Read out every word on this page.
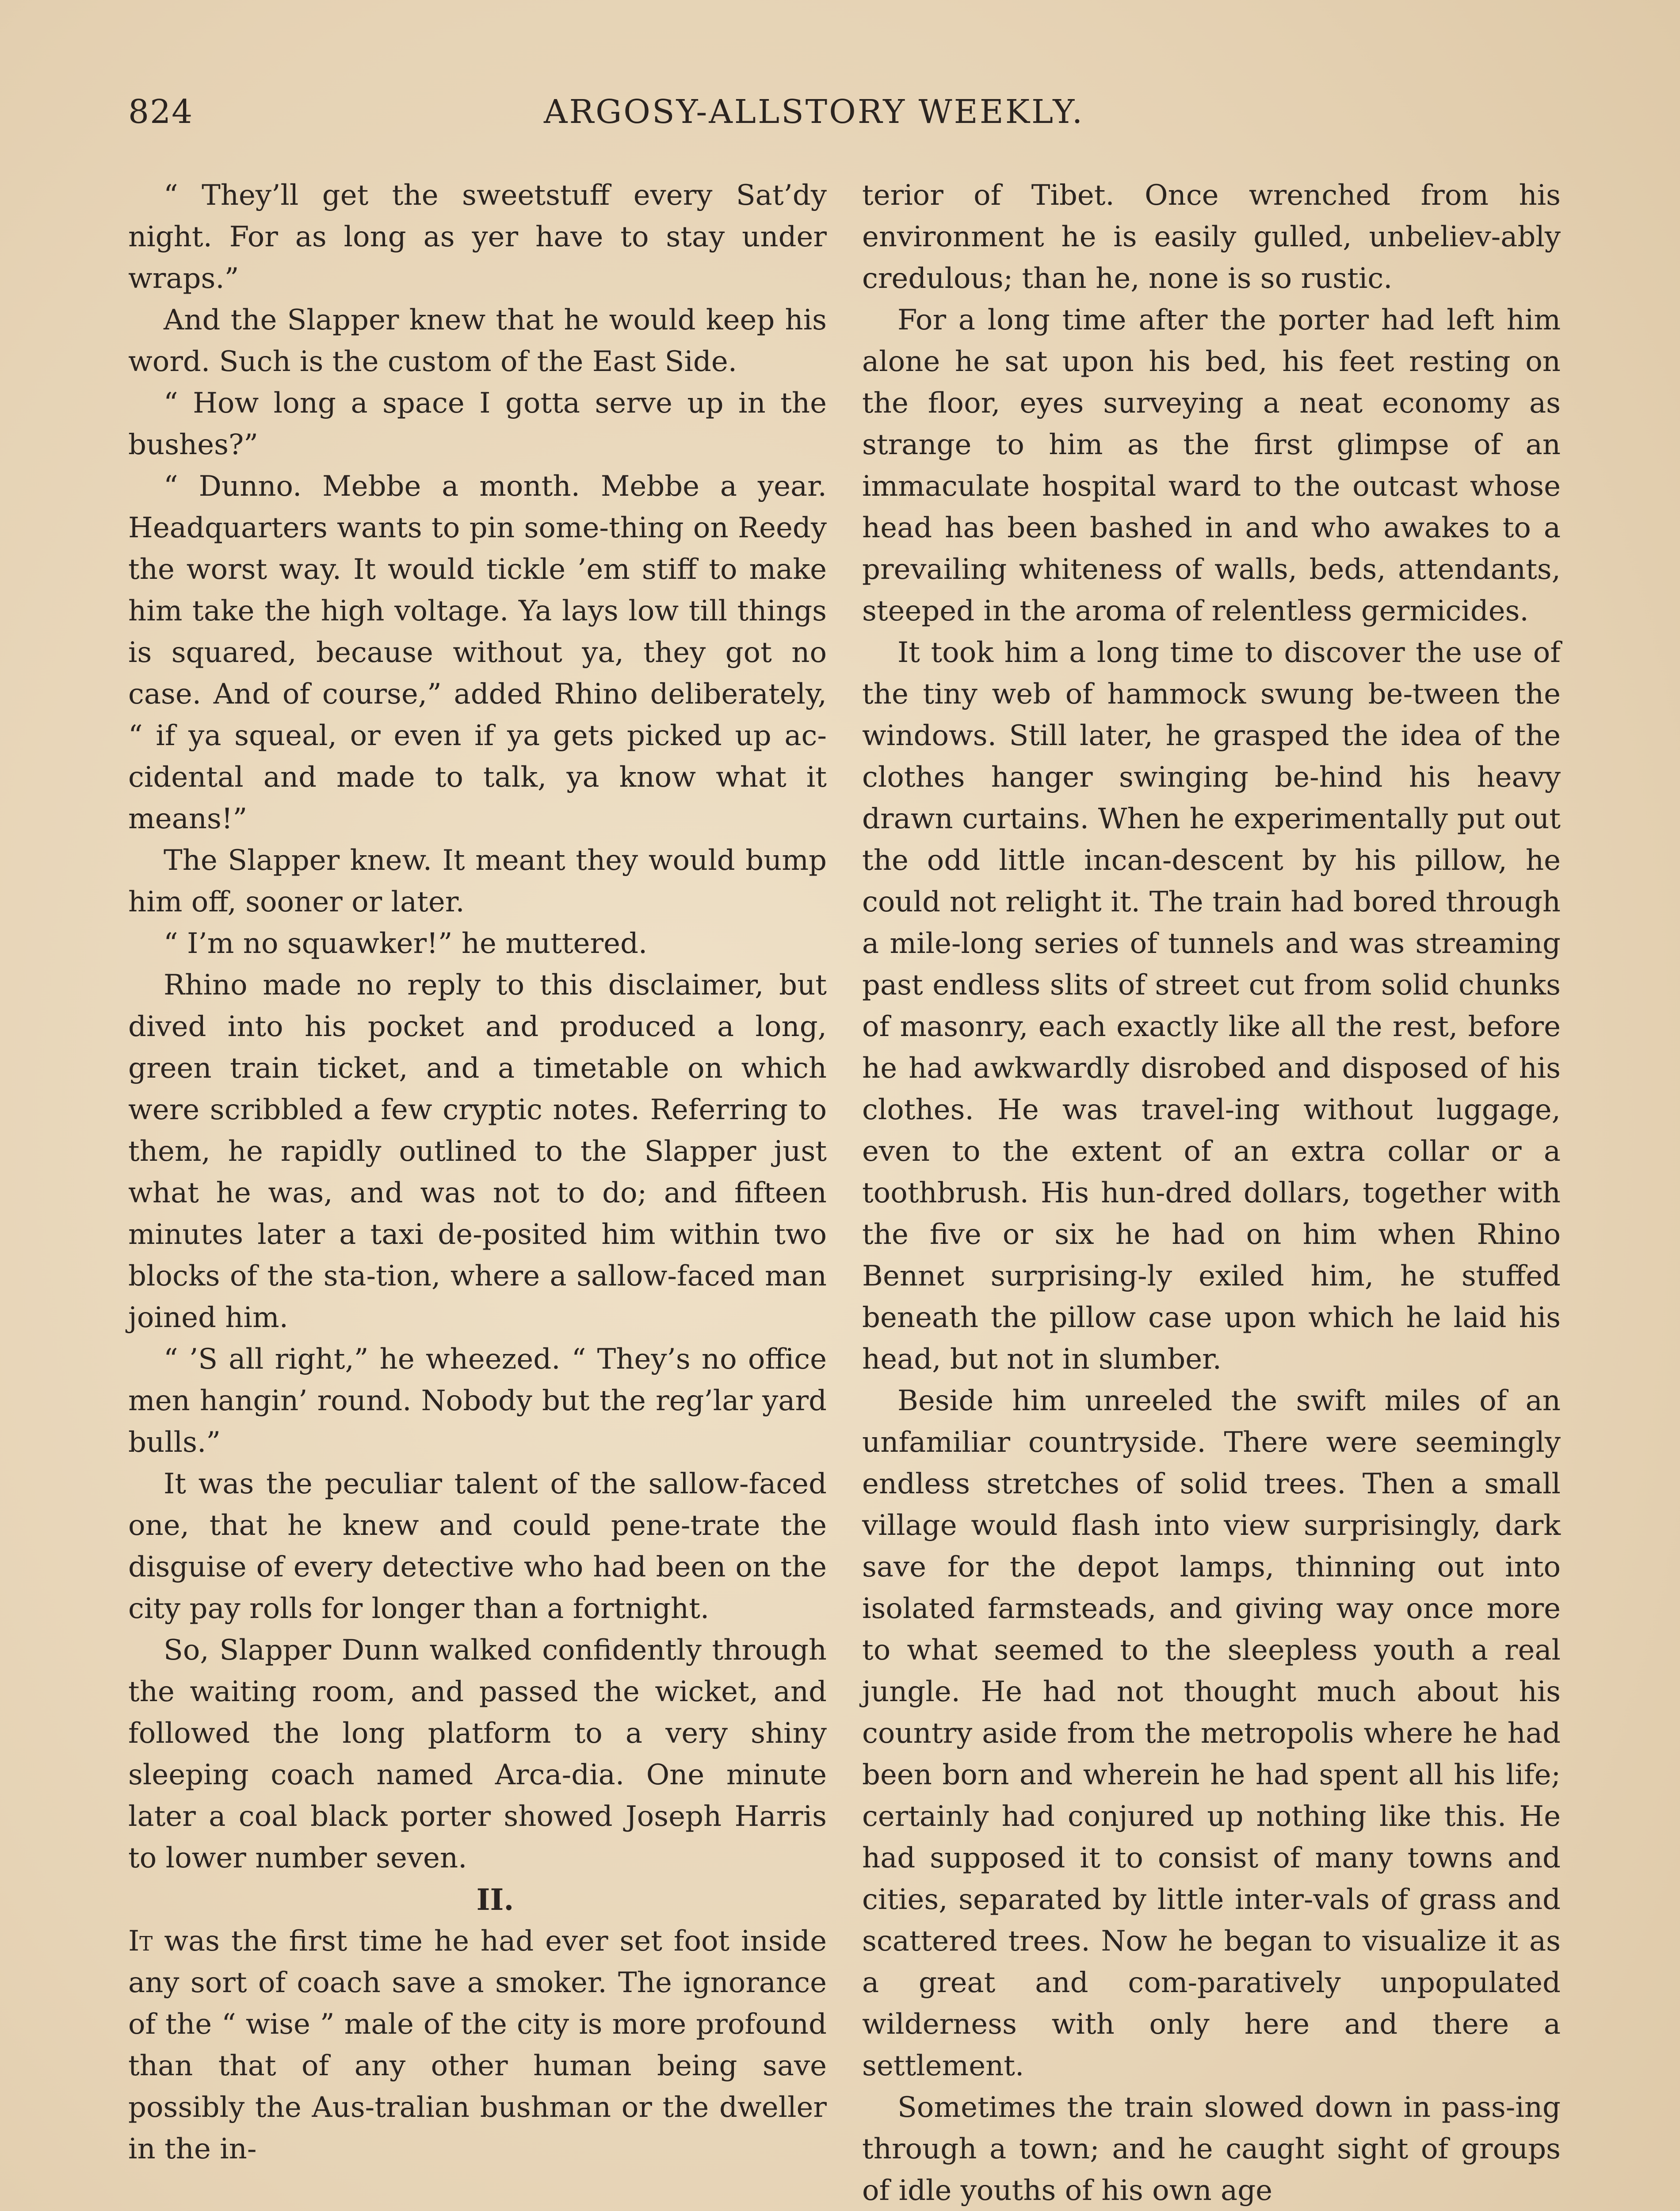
824	ARGOSY-ALLSTORY WEEKLY.

“ They’ll get the sweetstuff every Sat’dy night. For as long as yer have to stay under wraps.”

And the Slapper knew that he would keep his word. Such is the custom of the East Side.

“ How long a space I gotta serve up in the bushes?”

“ Dunno. Mebbe a month. Mebbe a year. Headquarters wants to pin some-thing on Reedy the worst way. It would tickle ’em stiff to make him take the high voltage. Ya lays low till things is squared, because without ya, they got no case. And of course,” added Rhino deliberately, “ if ya squeal, or even if ya gets picked up ac-cidental and made to talk, ya know what it means!”

The Slapper knew. It meant they would bump him off, sooner or later.

“ I’m no squawker!” he muttered.

Rhino made no reply to this disclaimer, but dived into his pocket and produced a long, green train ticket, and a timetable on which were scribbled a few cryptic notes. Referring to them, he rapidly outlined to the Slapper just what he was, and was not to do; and fifteen minutes later a taxi de-posited him within two blocks of the sta-tion, where a sallow-faced man joined him.

“ ’S all right,” he wheezed. “ They’s no office men hangin’ round. Nobody but the reg’lar yard bulls.”

It was the peculiar talent of the sallow-faced one, that he knew and could pene-trate the disguise of every detective who had been on the city pay rolls for longer than a fortnight.

So, Slapper Dunn walked confidently through the waiting room, and passed the wicket, and followed the long platform to a very shiny sleeping coach named Arca-dia. One minute later a coal black porter showed Joseph Harris to lower number seven.

II.

It was the first time he had ever set foot inside any sort of coach save a smoker. The ignorance of the “ wise ” male of the city is more profound than that of any other human being save possibly the Aus-tralian bushman or the dweller in the in-

terior of Tibet. Once wrenched from his environment he is easily gulled, unbeliev-ably credulous; than he, none is so rustic.

For a long time after the porter had left him alone he sat upon his bed, his feet resting on the floor, eyes surveying a neat economy as strange to him as the first glimpse of an immaculate hospital ward to the outcast whose head has been bashed in and who awakes to a prevailing whiteness of walls, beds, attendants, steeped in the aroma of relentless germicides.

It took him a long time to discover the use of the tiny web of hammock swung be-tween the windows. Still later, he grasped the idea of the clothes hanger swinging be-hind his heavy drawn curtains. When he experimentally put out the odd little incan-descent by his pillow, he could not relight it. The train had bored through a mile-long series of tunnels and was streaming past endless slits of street cut from solid chunks of masonry, each exactly like all the rest, before he had awkwardly disrobed and disposed of his clothes. He was travel-ing without luggage, even to the extent of an extra collar or a toothbrush. His hun-dred dollars, together with the five or six he had on him when Rhino Bennet surprising-ly exiled him, he stuffed beneath the pillow case upon which he laid his head, but not in slumber.

Beside him unreeled the swift miles of an unfamiliar countryside. There were seemingly endless stretches of solid trees. Then a small village would flash into view surprisingly, dark save for the depot lamps, thinning out into isolated farmsteads, and giving way once more to what seemed to the sleepless youth a real jungle. He had not thought much about his country aside from the metropolis where he had been born and wherein he had spent all his life; certainly had conjured up nothing like this. He had supposed it to consist of many towns and cities, separated by little inter-vals of grass and scattered trees. Now he began to visualize it as a great and com-paratively unpopulated wilderness with only here and there a settlement.

Sometimes the train slowed down in pass-ing through a town; and he caught sight of groups of idle youths of his own age
